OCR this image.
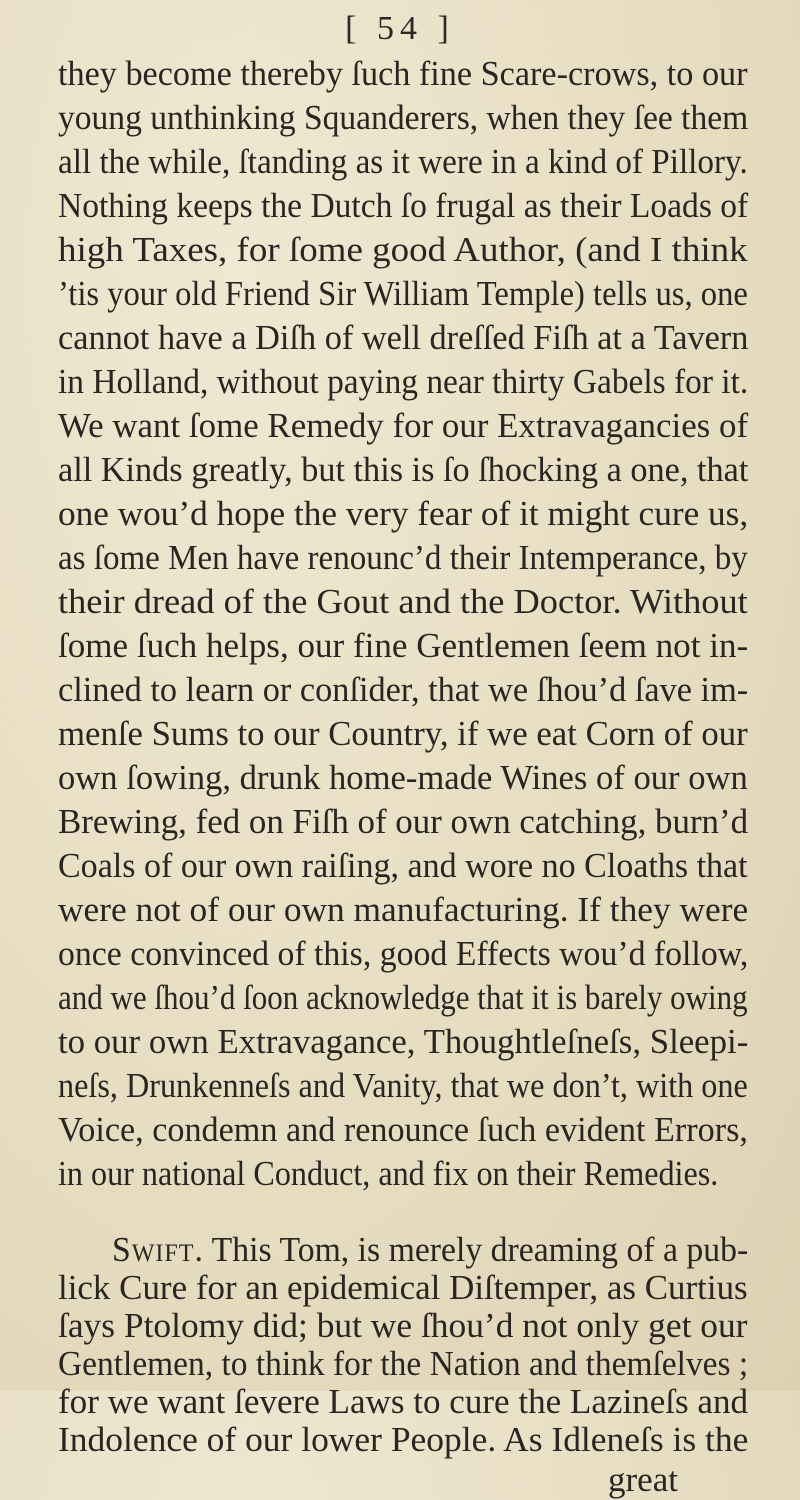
[ 54 ]
they become thereby ſuch fine Scare-crows, to our
young unthinking Squanderers, when they ſee them
all the while, ſtanding as it were in a kind of Pillory.
Nothing keeps the Dutch ſo frugal as their Loads of
high Taxes, for ſome good Author, (and I think
’tis your old Friend Sir William Temple) tells us, one
cannot have a Diſh of well dreſſed Fiſh at a Tavern
in Holland, without paying near thirty Gabels for it.
We want ſome Remedy for our Extravagancies of
all Kinds greatly, but this is ſo ſhocking a one, that
one wou’d hope the very fear of it might cure us,
as ſome Men have renounc’d their Intemperance, by
their dread of the Gout and the Doctor. Without
ſome ſuch helps, our fine Gentlemen ſeem not in-
clined to learn or conſider, that we ſhou’d ſave im-
menſe Sums to our Country, if we eat Corn of our
own ſowing, drunk home-made Wines of our own
Brewing, fed on Fiſh of our own catching, burn’d
Coals of our own raiſing, and wore no Cloaths that
were not of our own manufacturing. If they were
once convinced of this, good Effects wou’d follow,
and we ſhou’d ſoon acknowledge that it is barely owing
to our own Extravagance, Thoughtleſneſs, Sleepi-
neſs, Drunkenneſs and Vanity, that we don’t, with one
Voice, condemn and renounce ſuch evident Errors,
in our national Conduct, and fix on their Remedies.
Swift. This Tom, is merely dreaming of a pub-
lick Cure for an epidemical Diſtemper, as Curtius
ſays Ptolomy did; but we ſhou’d not only get our
Gentlemen, to think for the Nation and themſelves ;
for we want ſevere Laws to cure the Lazineſs and
Indolence of our lower People. As Idleneſs is the
great
